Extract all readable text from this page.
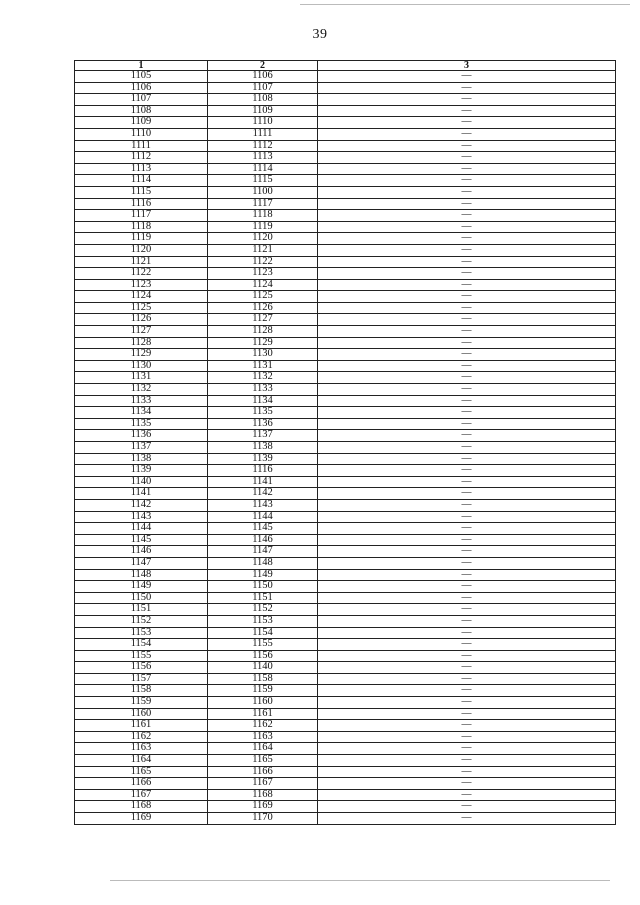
39
1	2	3
1105	1106	—
1106	1107	—
1107	1108	—
1108	1109	—
1109	1110	—
1110	1111	—
1111	1112	—
1112	1113	—
1113	1114	—
1114	1115	—
1115	1100	—
1116	1117	—
1117	1118	—
1118	1119	—
1119	1120	—
1120	1121	—
1121	1122	—
1122	1123	—
1123	1124	—
1124	1125	—
1125	1126	—
1126	1127	—
1127	1128	—
1128	1129	—
1129	1130	—
1130	1131	—
1131	1132	—
1132	1133	—
1133	1134	—
1134	1135	—
1135	1136	—
1136	1137	—
1137	1138	—
1138	1139	—
1139	1116	—
1140	1141	—
1141	1142	—
1142	1143	—
1143	1144	—
1144	1145	—
1145	1146	—
1146	1147	—
1147	1148	—
1148	1149	—
1149	1150	—
1150	1151	—
1151	1152	—
1152	1153	—
1153	1154	—
1154	1155	—
1155	1156	—
1156	1140	—
1157	1158	—
1158	1159	—
1159	1160	—
1160	1161	—
1161	1162	—
1162	1163	—
1163	1164	—
1164	1165	—
1165	1166	—
1166	1167	—
1167	1168	—
1168	1169	—
1169	1170	—
